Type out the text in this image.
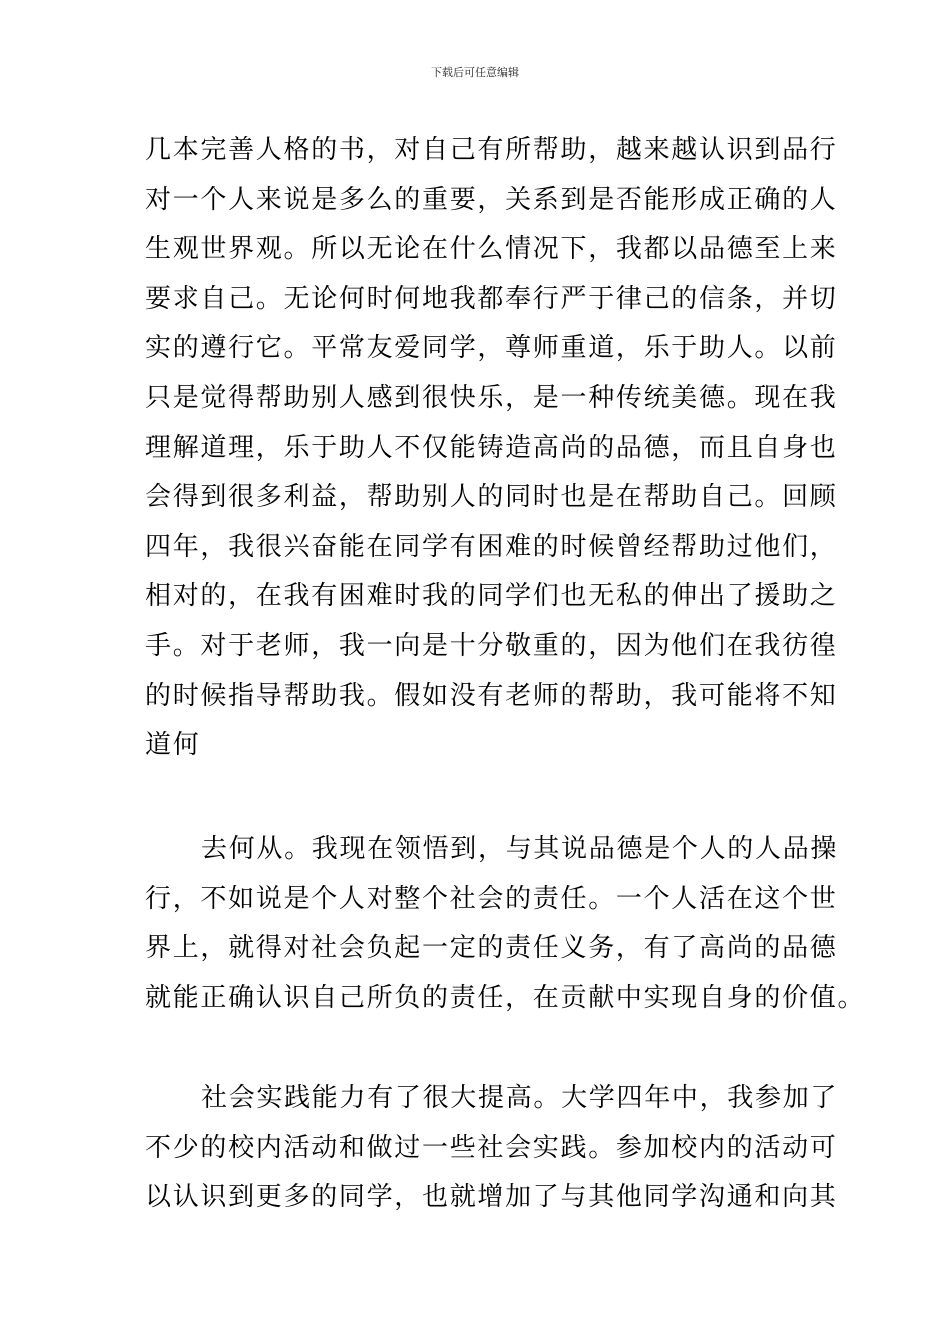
下载后可任意编辑
几本完善人格的书，对自己有所帮助，越来越认识到品行
对一个人来说是多么的重要，关系到是否能形成正确的人
生观世界观。所以无论在什么情况下，我都以品德至上来
要求自己。无论何时何地我都奉行严于律己的信条，并切
实的遵行它。平常友爱同学，尊师重道，乐于助人。以前
只是觉得帮助别人感到很快乐，是一种传统美德。现在我
理解道理，乐于助人不仅能铸造高尚的品德，而且自身也
会得到很多利益，帮助别人的同时也是在帮助自己。回顾
四年，我很兴奋能在同学有困难的时候曾经帮助过他们，
相对的，在我有困难时我的同学们也无私的伸出了援助之
手。对于老师，我一向是十分敬重的，因为他们在我彷徨
的时候指导帮助我。假如没有老师的帮助，我可能将不知
道何
去何从。我现在领悟到，与其说品德是个人的人品操
行，不如说是个人对整个社会的责任。一个人活在这个世
界上，就得对社会负起一定的责任义务，有了高尚的品德
就能正确认识自己所负的责任，在贡献中实现自身的价值。
社会实践能力有了很大提高。大学四年中，我参加了
不少的校内活动和做过一些社会实践。参加校内的活动可
以认识到更多的同学，也就增加了与其他同学沟通和向其
